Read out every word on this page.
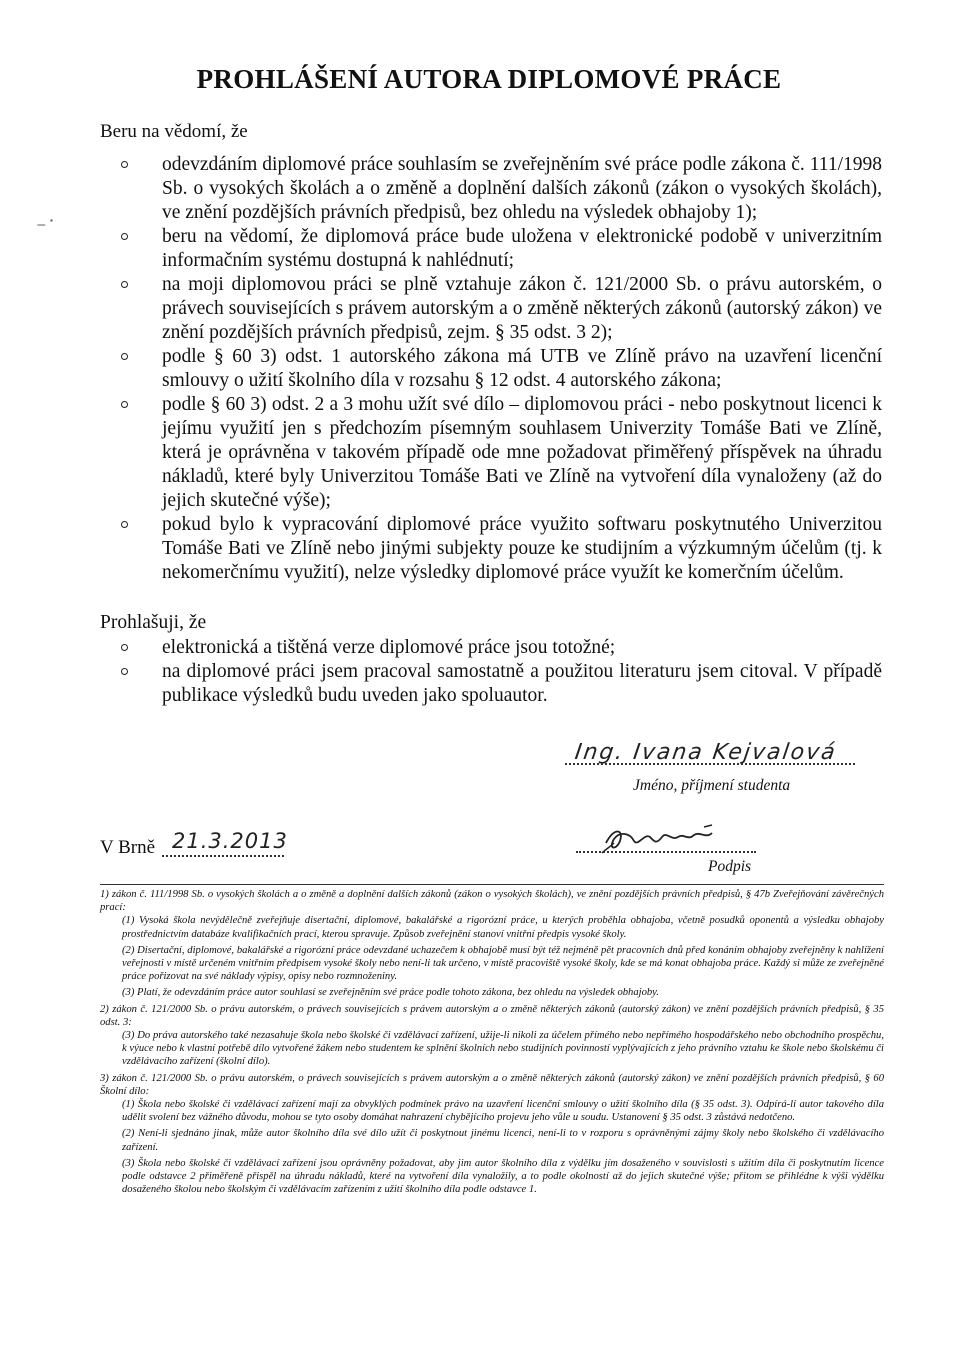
PROHLÁŠENÍ AUTORA DIPLOMOVÉ PRÁCE
⁻˙
Beru na vědomí, že
odevzdáním diplomové práce souhlasím se zveřejněním své práce podle zákona č. 111/1998 Sb. o vysokých školách a o změně a doplnění dalších zákonů (zákon o vysokých školách), ve znění pozdějších právních předpisů, bez ohledu na výsledek obhajoby 1);
beru na vědomí, že diplomová práce bude uložena v elektronické podobě v univerzitním informačním systému dostupná k nahlédnutí;
na moji diplomovou práci se plně vztahuje zákon č. 121/2000 Sb. o právu autorském, o právech souvisejících s právem autorským a o změně některých zákonů (autorský zákon) ve znění pozdějších právních předpisů, zejm. § 35 odst. 3 2);
podle § 60 3) odst. 1 autorského zákona má UTB ve Zlíně právo na uzavření licenční smlouvy o užití školního díla v rozsahu § 12 odst. 4 autorského zákona;
podle § 60 3) odst. 2 a 3 mohu užít své dílo – diplomovou práci - nebo poskytnout licenci k jejímu využití jen s předchozím písemným souhlasem Univerzity Tomáše Bati ve Zlíně, která je oprávněna v takovém případě ode mne požadovat přiměřený příspěvek na úhradu nákladů, které byly Univerzitou Tomáše Bati ve Zlíně na vytvoření díla vynaloženy (až do jejich skutečné výše);
pokud bylo k vypracování diplomové práce využito softwaru poskytnutého Univerzitou Tomáše Bati ve Zlíně nebo jinými subjekty pouze ke studijním a výzkumným účelům (tj. k nekomerčnímu využití), nelze výsledky diplomové práce využít ke komerčním účelům.
Prohlašuji, že
elektronická a tištěná verze diplomové práce jsou totožné;
na diplomové práci jsem pracoval samostatně a použitou literaturu jsem citoval. V případě publikace výsledků budu uveden jako spoluautor.
Ing. Ivana Kejvalová
Jméno, příjmení studenta
V Brně 21.3.2013
Podpis

1) zákon č. 111/1998 Sb. o vysokých školách a o změně a doplnění dalších zákonů (zákon o vysokých školách), ve znění pozdějších právních předpisů, § 47b Zveřejňování závěrečných prací:

(1) Vysoká škola nevýdělečně zveřejňuje disertační, diplomové, bakalářské a rigorózní práce, u kterých proběhla obhajoba, včetně posudků oponentů a výsledku obhajoby prostřednictvím databáze kvalifikačních prací, kterou spravuje. Způsob zveřejnění stanoví vnitřní předpis vysoké školy.

(2) Disertační, diplomové, bakalářské a rigorózní práce odevzdané uchazečem k obhajobě musí být též nejméně pět pracovních dnů před konáním obhajoby zveřejněny k nahlížení veřejnosti v místě určeném vnitřním předpisem vysoké školy nebo není-li tak určeno, v místě pracoviště vysoké školy, kde se má konat obhajoba práce. Každý si může ze zveřejněné práce pořizovat na své náklady výpisy, opisy nebo rozmnoženiny.

(3) Platí, že odevzdáním práce autor souhlasí se zveřejněním své práce podle tohoto zákona, bez ohledu na výsledek obhajoby.

2) zákon č. 121/2000 Sb. o právu autorském, o právech souvisejících s právem autorským a o změně některých zákonů (autorský zákon) ve znění pozdějších právních předpisů, § 35 odst. 3:

(3) Do práva autorského také nezasahuje škola nebo školské či vzdělávací zařízení, užije-li nikoli za účelem přímého nebo nepřímého hospodářského nebo obchodního prospěchu, k výuce nebo k vlastní potřebě dílo vytvořené žákem nebo studentem ke splnění školních nebo studijních povinností vyplývajících z jeho právního vztahu ke škole nebo školskému či vzdělávacího zařízení (školní dílo).

3) zákon č. 121/2000 Sb. o právu autorském, o právech souvisejících s právem autorským a o změně některých zákonů (autorský zákon) ve znění pozdějších právních předpisů, § 60 Školní dílo:

(1) Škola nebo školské či vzdělávací zařízení mají za obvyklých podmínek právo na uzavření licenční smlouvy o užití školního díla (§ 35 odst. 3). Odpírá-li autor takového díla udělit svolení bez vážného důvodu, mohou se tyto osoby domáhat nahrazení chybějícího projevu jeho vůle u soudu. Ustanovení § 35 odst. 3 zůstává nedotčeno.

(2) Není-li sjednáno jinak, může autor školního díla své dílo užít či poskytnout jinému licenci, není-li to v rozporu s oprávněnými zájmy školy nebo školského či vzdělávacího zařízení.

(3) Škola nebo školské či vzdělávací zařízení jsou oprávněny požadovat, aby jim autor školního díla z výdělku jím dosaženého v souvislosti s užitím díla či poskytnutím licence podle odstavce 2 přiměřeně přispěl na úhradu nákladů, které na vytvoření díla vynaložily, a to podle okolností až do jejich skutečné výše; přitom se přihlédne k výši výdělku dosaženého školou nebo školským či vzdělávacím zařízením z užití školního díla podle odstavce 1.
